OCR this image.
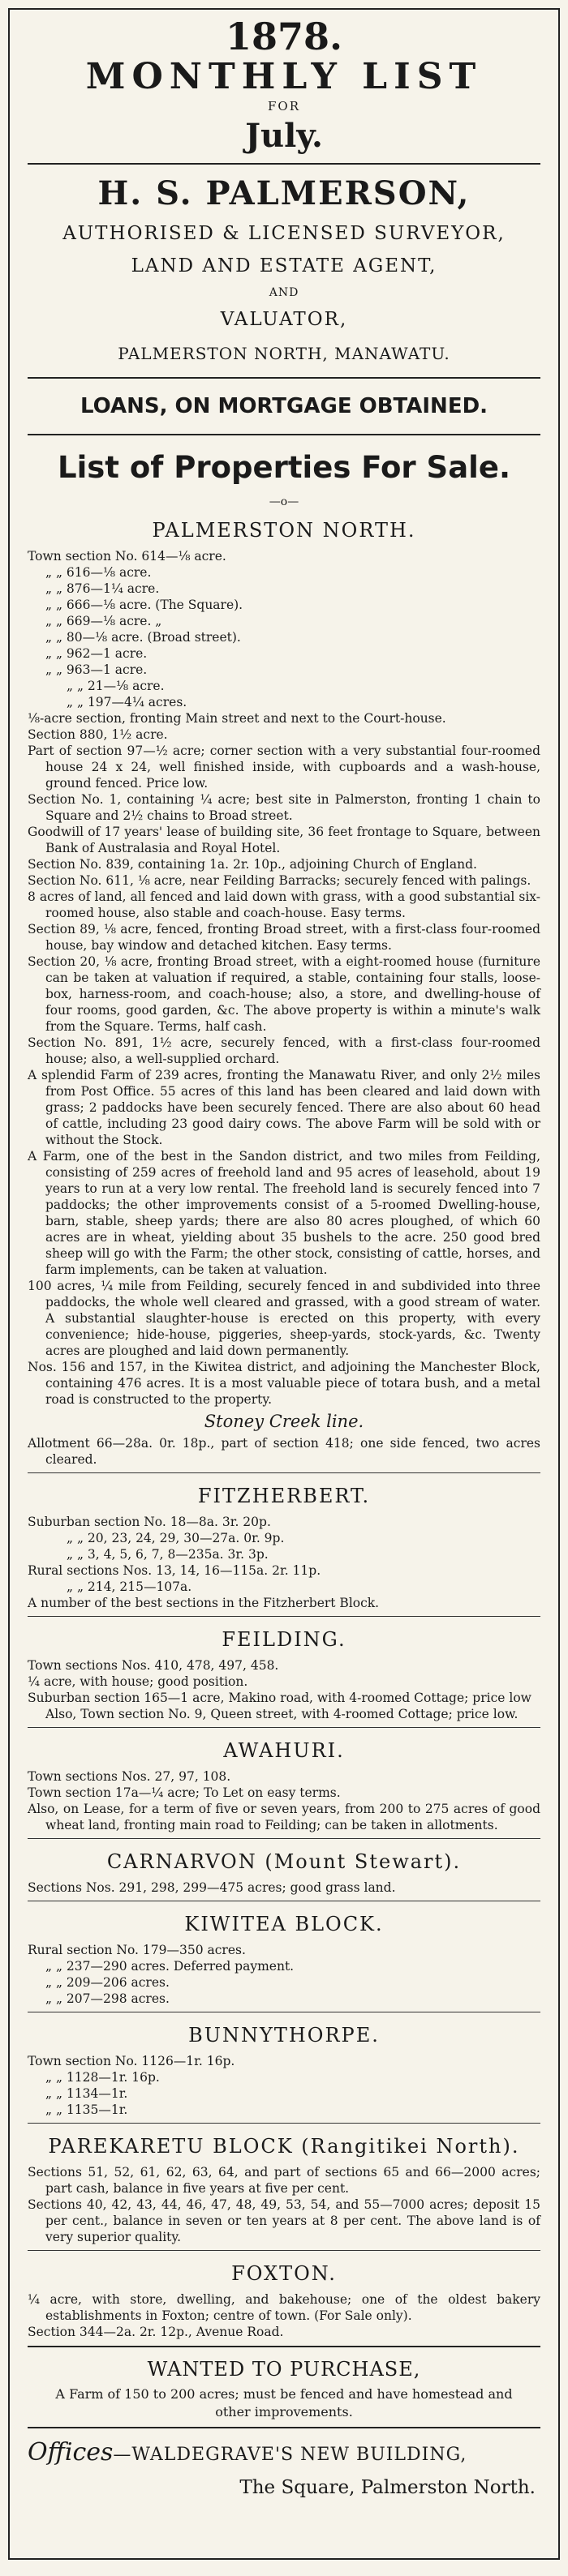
1878.
MONTHLY LIST
FOR
July.
H. S. PALMERSON,
AUTHORISED & LICENSED SURVEYOR,
LAND AND ESTATE AGENT,
AND
VALUATOR,
PALMERSTON NORTH, MANAWATU.
LOANS, ON MORTGAGE OBTAINED.
List of Properties For Sale.
—o—
PALMERSTON NORTH.
Town section No. 614—⅛ acre.
„ „ 616—⅛ acre.
„ „ 876—1¼ acre.
„ „ 666—⅛ acre. (The Square).
„ „ 669—⅛ acre. „
„ „ 80—⅛ acre. (Broad street).
„ „ 962—1 acre.
„ „ 963—1 acre.
„ „ 21—⅛ acre.
„ „ 197—4¼ acres.
⅛-acre section, fronting Main street and next to the Court-house.
Section 880, 1½ acre.
Part of section 97—½ acre; corner section with a very substantial four-roomed house 24 x 24, well finished inside, with cupboards and a wash-house, ground fenced. Price low.
Section No. 1, containing ¼ acre; best site in Palmerston, fronting 1 chain to Square and 2½ chains to Broad street.
Goodwill of 17 years' lease of building site, 36 feet frontage to Square, between Bank of Australasia and Royal Hotel.
Section No. 839, containing 1a. 2r. 10p., adjoining Church of England.
Section No. 611, ⅛ acre, near Feilding Barracks; securely fenced with palings.
8 acres of land, all fenced and laid down with grass, with a good substantial six-roomed house, also stable and coach-house. Easy terms.
Section 89, ⅛ acre, fenced, fronting Broad street, with a first-class four-roomed house, bay window and detached kitchen. Easy terms.
Section 20, ⅛ acre, fronting Broad street, with a eight-roomed house (furniture can be taken at valuation if required, a stable, containing four stalls, loose-box, harness-room, and coach-house; also, a store, and dwelling-house of four rooms, good garden, &c. The above property is within a minute's walk from the Square. Terms, half cash.
Section No. 891, 1½ acre, securely fenced, with a first-class four-roomed house; also, a well-supplied orchard.
A splendid Farm of 239 acres, fronting the Manawatu River, and only 2½ miles from Post Office. 55 acres of this land has been cleared and laid down with grass; 2 paddocks have been securely fenced. There are also about 60 head of cattle, including 23 good dairy cows. The above Farm will be sold with or without the Stock.
A Farm, one of the best in the Sandon district, and two miles from Feilding, consisting of 259 acres of freehold land and 95 acres of leasehold, about 19 years to run at a very low rental. The freehold land is securely fenced into 7 paddocks; the other improvements consist of a 5-roomed Dwelling-house, barn, stable, sheep yards; there are also 80 acres ploughed, of which 60 acres are in wheat, yielding about 35 bushels to the acre. 250 good bred sheep will go with the Farm; the other stock, consisting of cattle, horses, and farm implements, can be taken at valuation.
100 acres, ¼ mile from Feilding, securely fenced in and subdivided into three paddocks, the whole well cleared and grassed, with a good stream of water. A substantial slaughter-house is erected on this property, with every convenience; hide-house, piggeries, sheep-yards, stock-yards, &c. Twenty acres are ploughed and laid down permanently.
Nos. 156 and 157, in the Kiwitea district, and adjoining the Manchester Block, containing 476 acres. It is a most valuable piece of totara bush, and a metal road is constructed to the property.
Stoney Creek line.
Allotment 66—28a. 0r. 18p., part of section 418; one side fenced, two acres cleared.
FITZHERBERT.
Suburban section No. 18—8a. 3r. 20p.
„ „ 20, 23, 24, 29, 30—27a. 0r. 9p.
„ „ 3, 4, 5, 6, 7, 8—235a. 3r. 3p.
Rural sections Nos. 13, 14, 16—115a. 2r. 11p.
„ „ 214, 215—107a.
A number of the best sections in the Fitzherbert Block.
FEILDING.
Town sections Nos. 410, 478, 497, 458.
¼ acre, with house; good position.
Suburban section 165—1 acre, Makino road, with 4-roomed Cottage; price low
Also, Town section No. 9, Queen street, with 4-roomed Cottage; price low.
AWAHURI.
Town sections Nos. 27, 97, 108.
Town section 17a—¼ acre; To Let on easy terms.
Also, on Lease, for a term of five or seven years, from 200 to 275 acres of good wheat land, fronting main road to Feilding; can be taken in allotments.
CARNARVON (Mount Stewart).
Sections Nos. 291, 298, 299—475 acres; good grass land.
KIWITEA BLOCK.
Rural section No. 179—350 acres.
„ „ 237—290 acres. Deferred payment.
„ „ 209—206 acres.
„ „ 207—298 acres.
BUNNYTHORPE.
Town section No. 1126—1r. 16p.
„ „ 1128—1r. 16p.
„ „ 1134—1r.
„ „ 1135—1r.
PAREKARETU BLOCK (Rangitikei North).
Sections 51, 52, 61, 62, 63, 64, and part of sections 65 and 66—2000 acres; part cash, balance in five years at five per cent.
Sections 40, 42, 43, 44, 46, 47, 48, 49, 53, 54, and 55—7000 acres; deposit 15 per cent., balance in seven or ten years at 8 per cent. The above land is of very superior quality.
FOXTON.
¼ acre, with store, dwelling, and bakehouse; one of the oldest bakery establishments in Foxton; centre of town. (For Sale only).
Section 344—2a. 2r. 12p., Avenue Road.
WANTED TO PURCHASE,
A Farm of 150 to 200 acres; must be fenced and have homestead and other improvements.
Offices—WALDEGRAVE'S NEW BUILDING,
The Square, Palmerston North.
